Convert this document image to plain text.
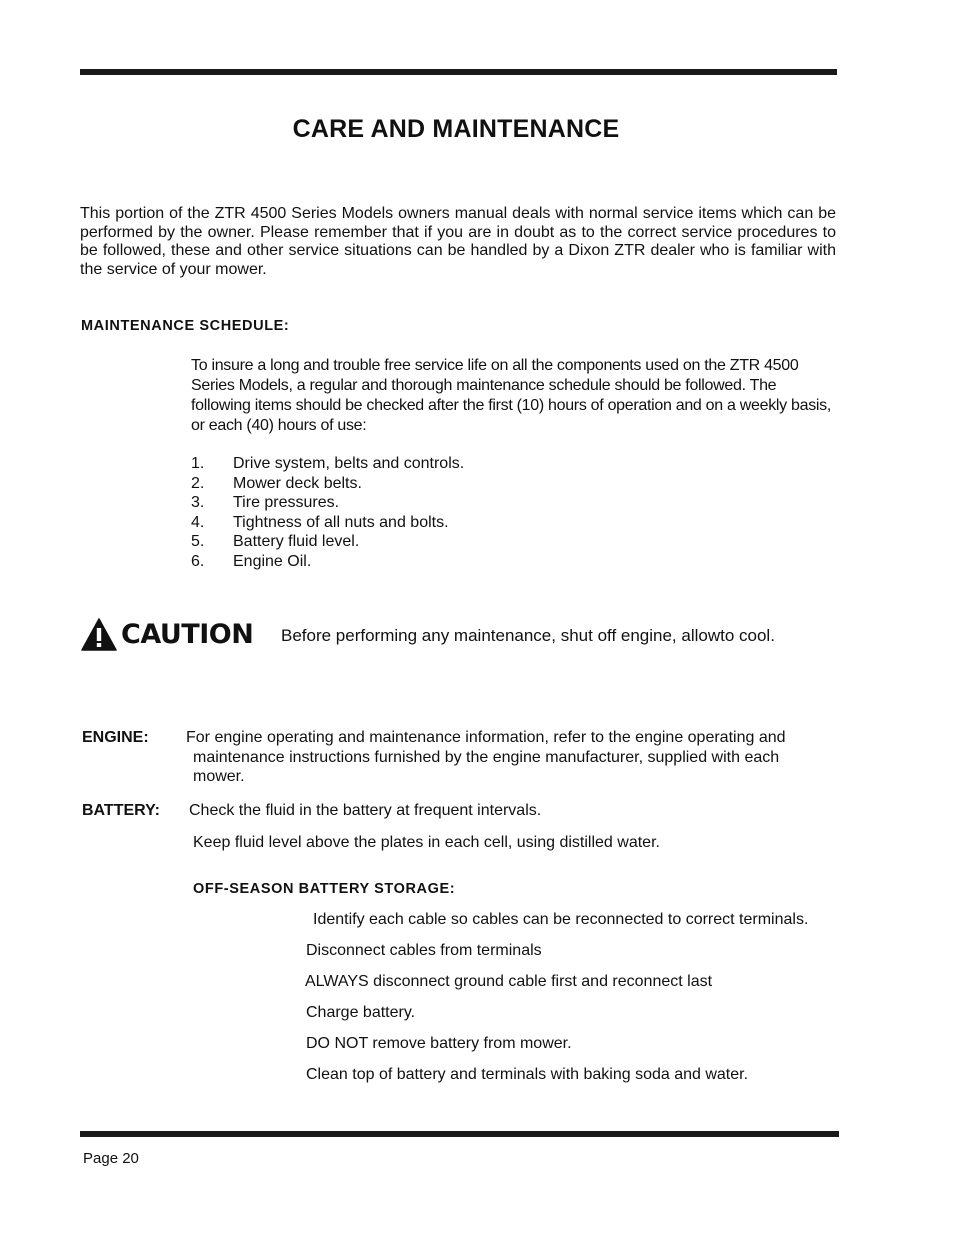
CARE AND MAINTENANCE
This portion of the ZTR 4500 Series Models owners manual deals with normal service items which can be performed by the owner. Please remember that if you are in doubt as to the correct service procedures to be followed, these and other service situations can be handled by a Dixon ZTR dealer who is familiar with the service of your mower.
MAINTENANCE SCHEDULE:
To insure a long and trouble free service life on all the components used on the ZTR 4500 Series Models, a regular and thorough maintenance schedule should be followed. The following items should be checked after the first (10) hours of operation and on a weekly basis, or each (40) hours of use:
1.	Drive system, belts and controls.
2.	Mower deck belts.
3.	Tire pressures.
4.	Tightness of all nuts and bolts.
5.	Battery fluid level.
6.	Engine Oil.
CAUTION Before performing any maintenance, shut off engine, allowto cool.
ENGINE: For engine operating and maintenance information, refer to the engine operating and
maintenance instructions furnished by the engine manufacturer, supplied with each
mower.
BATTERY: Check the fluid in the battery at frequent intervals.
Keep fluid level above the plates in each cell, using distilled water.
OFF-SEASON BATTERY STORAGE:
Identify each cable so cables can be reconnected to correct terminals.
Disconnect cables from terminals
ALWAYS disconnect ground cable first and reconnect last
Charge battery.
DO NOT remove battery from mower.
Clean top of battery and terminals with baking soda and water.
Page 20
